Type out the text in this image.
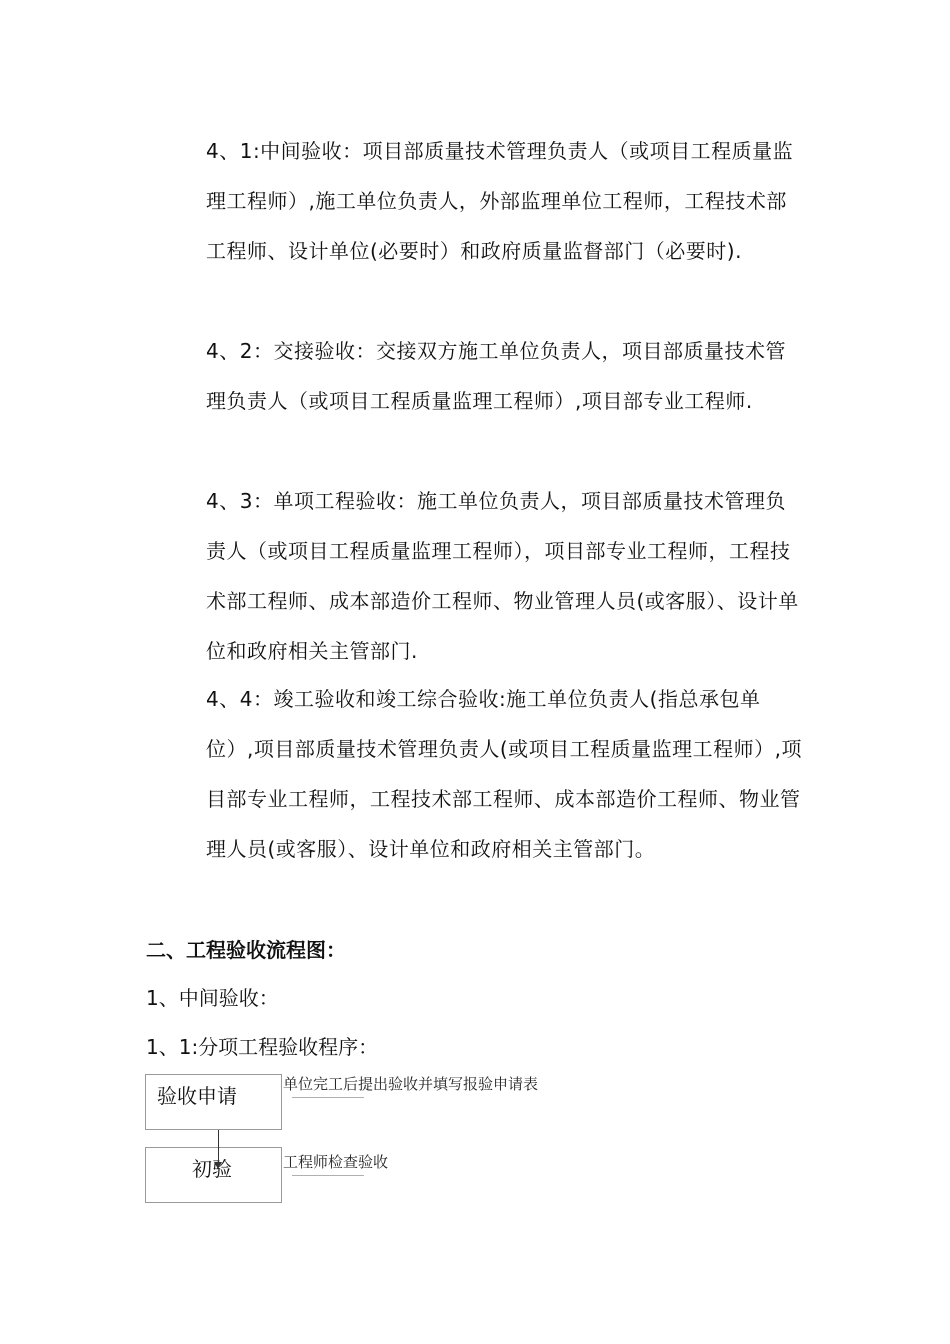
4、1:中间验收：项目部质量技术管理负责人（或项目工程质量监理工程师）,施工单位负责人，外部监理单位工程师，工程技术部工程师、设计单位(必要时）和政府质量监督部门（必要时).

4、2：交接验收：交接双方施工单位负责人，项目部质量技术管理负责人（或项目工程质量监理工程师）,项目部专业工程师.

4、3：单项工程验收：施工单位负责人，项目部质量技术管理负责人（或项目工程质量监理工程师），项目部专业工程师，工程技术部工程师、成本部造价工程师、物业管理人员(或客服）、设计单位和政府相关主管部门.

4、4：竣工验收和竣工综合验收:施工单位负责人(指总承包单位）,项目部质量技术管理负责人(或项目工程质量监理工程师）,项目部专业工程师，工程技术部工程师、成本部造价工程师、物业管理人员(或客服）、设计单位和政府相关主管部门。

二、工程验收流程图：

1、中间验收：

1、1:分项工程验收程序：

验收申请	单位完工后提出验收并填写报验申请表
初验	工程师检查验收
